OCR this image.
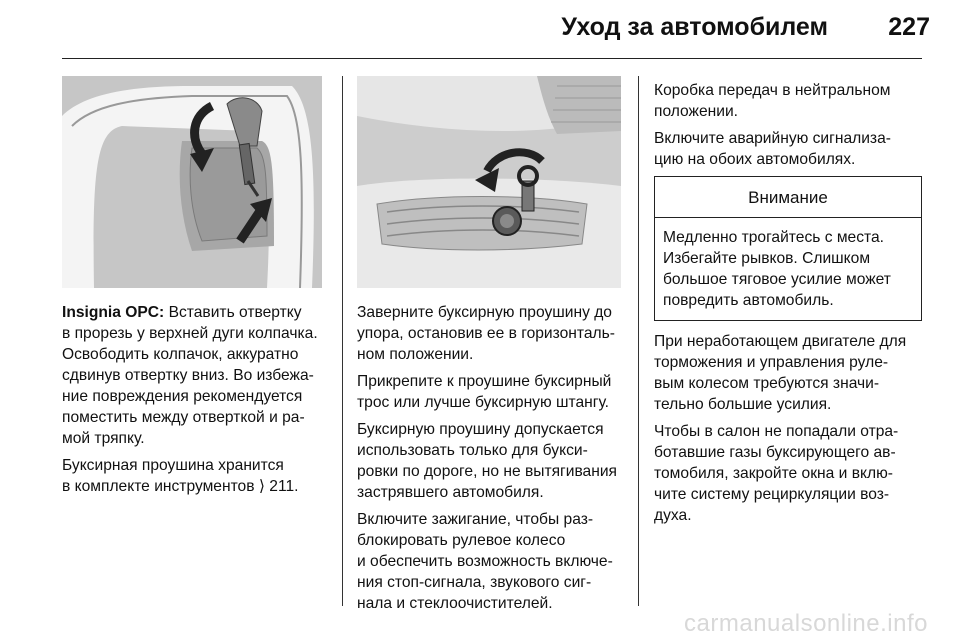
Уход за автомобилем 227

Insignia OPC: Вставить отвертку
в прорезь у верхней дуги колпачка.
Освободить колпачок, аккуратно
сдвинув отвертку вниз. Во избежа-
ние повреждения рекомендуется
поместить между отверткой и ра-
мой тряпку.

Буксирная проушина хранится
в комплекте инструментов ⟩ 211.

Заверните буксирную проушину до
упора, остановив ее в горизонталь-
ном положении.

Прикрепите к проушине буксирный
трос или лучше буксирную штангу.

Буксирную проушину допускается
использовать только для букси-
ровки по дороге, но не вытягивания
застрявшего автомобиля.

Включите зажигание, чтобы раз-
блокировать рулевое колесо
и обеспечить возможность включе-
ния стоп-сигнала, звукового сиг-
нала и стеклоочистителей.

Коробка передач в нейтральном
положении.

Включите аварийную сигнализа-
цию на обоих автомобилях.

Внимание
Медленно трогайтесь с места.
Избегайте рывков. Слишком
большое тяговое усилие может
повредить автомобиль.

При неработающем двигателе для
торможения и управления руле-
вым колесом требуются значи-
тельно большие усилия.

Чтобы в салон не попадали отра-
ботавшие газы буксирующего ав-
томобиля, закройте окна и вклю-
чите систему рециркуляции воз-
духа.

carmanualsonline.info
